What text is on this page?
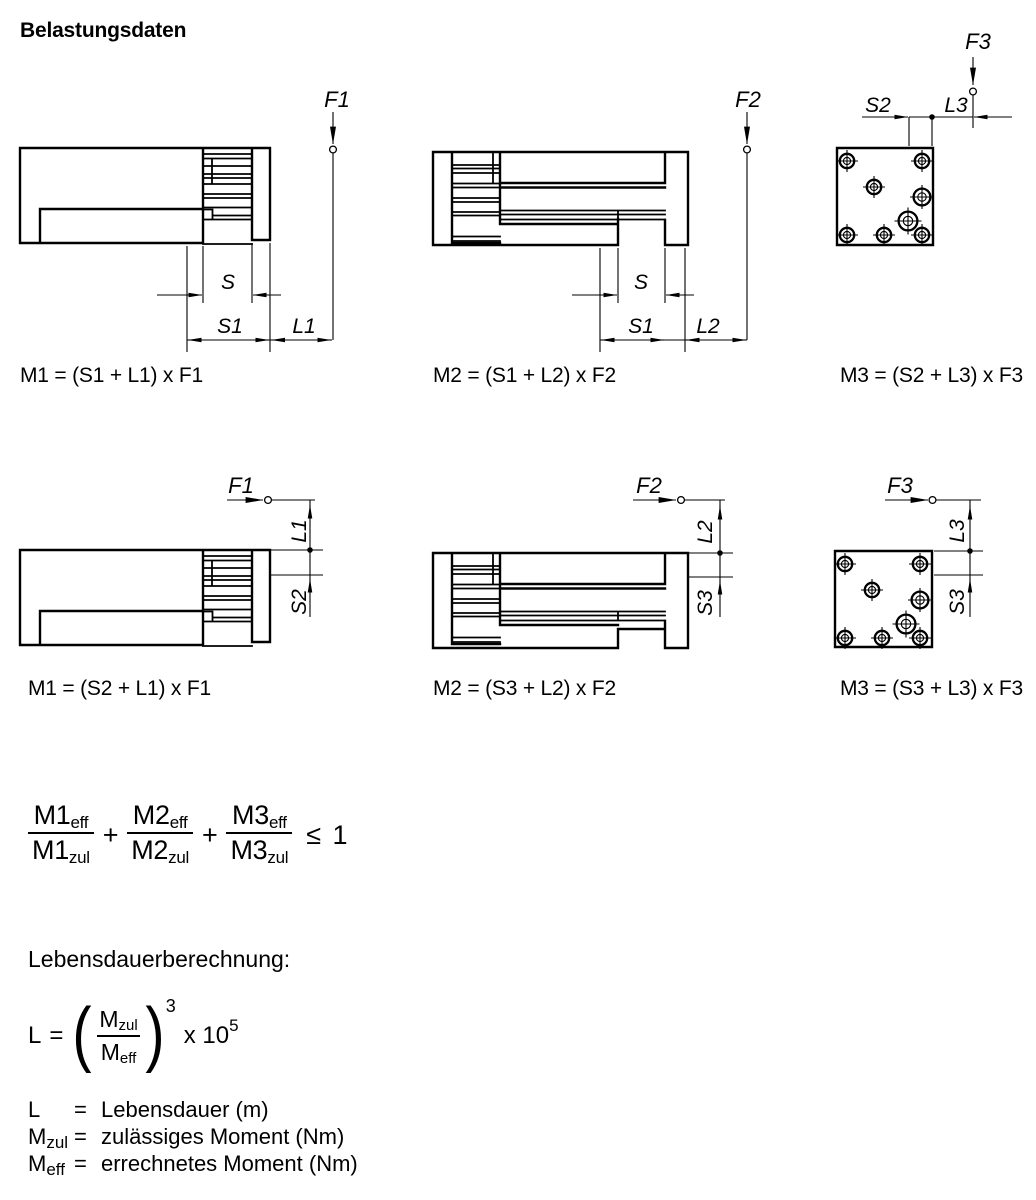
F1
S
S1 L1
F2
S
S1 L2
F3
S2	L3
F1
L1
S2
F2
L2
S3
F3
L3
S3
Belastungsdaten
M1 = (S1 + L1) x F1	M2 = (S1 + L2) x F2	M3 = (S2 + L3) x F3
M1 = (S2 + L1) x F1	M2 = (S3 + L2) x F2	M3 = (S3 + L3) x F3
$M1_{eff}$
$M1_{zul}$
+
$M2_{eff}$
$M2_{zul}$
+
$M3_{eff}$
$M3_{zul}$
≤ 1
Lebensdauerberechnung:
L = ( $M_{zul}$
$M_{eff}$ ) 3
x 10 5
L	= Lebensdauer (m)
$M_{zul}$ = zulässiges Moment (Nm)
$M_{eff}$ = errechnetes Moment (Nm)
